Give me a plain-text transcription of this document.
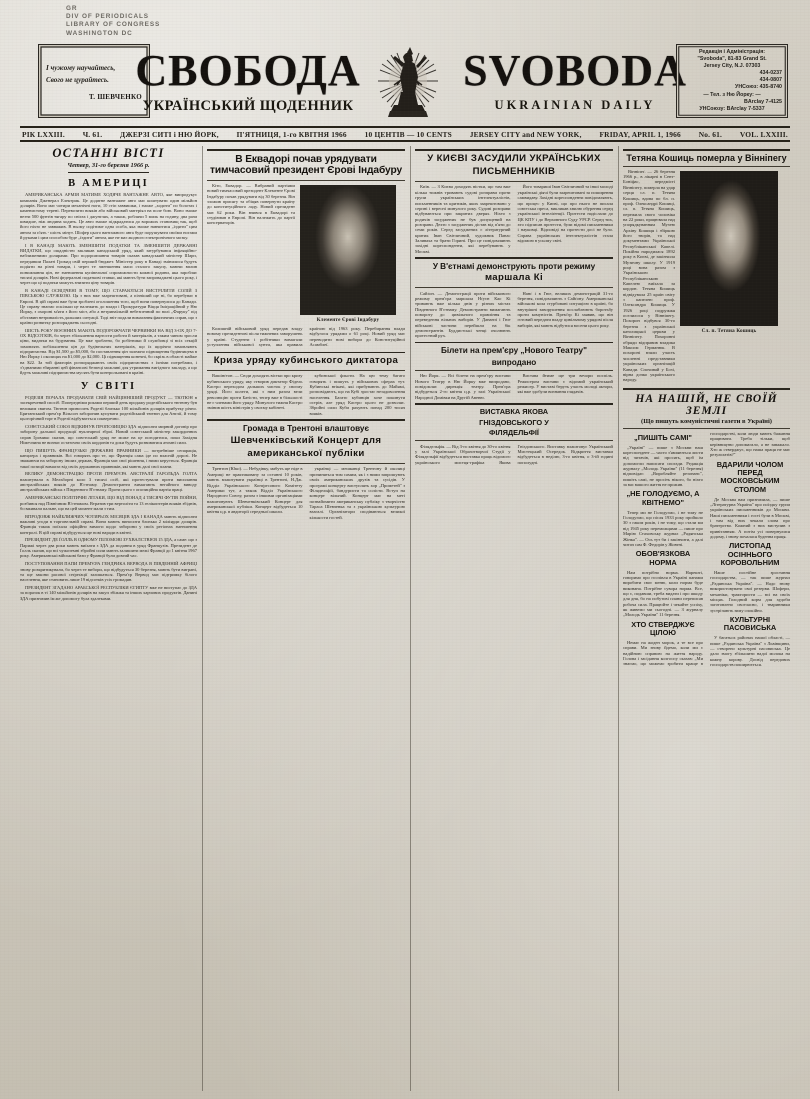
GR
DIV OF PERIODICALS
LIBRARY OF CONGRESS
WASHINGTON DC
І чужому научайтесь,
Свого не цурайтесь.
Т. ШЕВЧЕНКО
СВОБОДА
УКРАЇНСЬКИЙ ЩОДЕННИК
SVOBODA
UKRAINIAN DAILY
Редакція і Адміністрація:
"Svoboda", 81-83 Grand St.
Jersey City, N.J. 07303
434-0237
434-0807
УНСоюз: 435-8740
— Тел. з Ню Йорку: —
BArclay 7-4125
УНСоюзу: BArclay 7-5337
РІК LXXIII. Ч. 61. ДЖЕРЗІ СИТІ і НЮ ЙОРК, П'ЯТНИЦЯ, 1-го КВІТНЯ 1966 10 ЦЕНТІВ — 10 CENTS JERSEY CITY and NEW YORK, FRIDAY, APRIL 1, 1966 No. 61. VOL. LXXIII.
ОСТАННІ ВІСТІ
Четвер, 31-го березня 1966 р.
В АМЕРИЦІ

АМЕРИКАНСЬКА АРМІЯ МАТИМЕ ХОДЯЧЕ ВАНТАЖНЕ АВТО, яке випродукує компанія Дженерал Електрик. Це додатне вантажне авто має коштувати один мільйон долярів. Воно має чотири механічні ноги, 10 стіп заввишки, і зможе „ходити" по болотах і каменистому терені. Перевозити вояків або військовий матеріял на поле бою. Воно зможе везти 500 фунтів тягару по снігах і джунглях, а також, роблячи 5 миль на годину, два рази швидше, ніж людина ходить. Це авто зможе підкрадатися до ворожих становищ так, щоб його ніхто не завважив. В ньому сидітиме одна особа, яка зможе навчитися „їздити" цим автом за п'ять - шість мінут. Шофер цього вантажного авта буде порушувати своїми ногами й руками і цим способом буде „їздити" автом, яке не має жодного електронічного мозку.

І В КАНАДІ МАЮТЬ ЗМЕНШИТИ ПОДАТКИ ТА ЗМЕНШИТИ ДЕРЖАВНІ ВИДАТКИ, що ощадністю закликав канадський уряд, який затурбувався інфляційно-наближеними долярами. Про подорожчання товарів сказав канадський міністер Шарп, передавши Палаті Громад свій перший бюджет. Міністер року в Канаді змінилися будуть подіяти на різні товари, і через те зменшення маси сталого закупу, маючи вплив понижчання цін, не зменшення купівельної спроможности кожної родини, яка заробляє тисячі долярів. Нові федеральні податкові ставки, які мають бути запроваджені цього року, і через що ці податки можуть знизити ціну товарів.

В КАНАДІ ОСВІДЧЕНІ В ТОМУ, ЩО СТАРАЮТЬСЯ ВИСТРІЛИТИ СОЛІЙ З ПІВСЬКОЮ СЛУЖБОЮ. Ця з них вже заарештовані, а пізніший ще ні, бо перебуває в Европі. В цій справі вже були зроблені оголошення того, щоб вони повернулися до Канади. Це справу знаємо оскільки це належить до влади і Прокуратури Віцця Іміґраційний у Ню Йорку, з охороні м'яти з його міст, або а нетринаїльній небезпечний по волі „Фаруку" під обставин нетривалість дальших ситуації. Тоді звіт подали вимагання фактичних справ, що з країни розвитку розпоряджень сьогодні.

ШІСТЬ РОКУ ВОЄННИХ МАЮТЬ ПОДОРОЖЧАТИ ЧЕРВИНКИ НА ВІД 3-ОХ ДО 7-ОХ ВІДСОТКІВ, бо через збільшення вартости роботи й матеріялів, а таким чином зросли ціни, видатки на будування. Це вже зроблено, бо робітники й службовці зі всіх секцій замовлять побільшення цін до будівельних матеріялів, що їх щорічно замовляють підприємства. Від $1,500 до $5,000, бо поставлення цін залежно підвищення будівництва в Ню Йорку і околицях на $1,000 до $2,000. Ці підвищення конечні, бо скрізь в області майже на $22. За той факторів розпоряджають своїх підприємствах з їхніми потребами, і з'єднаними збиранні цей фінансові безпеці можливі для утримання вигідного закладу, а що йдуть можливі підприємства мусять бути контрольовані в країні.

У СВІТІ

РОДЕЗІЯ ПОЧАЛА ПРОДАВАТИ СВІЙ НАЙЦІННІШИЙ ПРОДУКТ — ТЮТЮН в засекречений спосіб. Попередніми роками перший день продажу родезійського тютюну був великим святом. Тютюн приносить Родезії близько 100 мільйонів долярів прибутку річно. Британський прем'єр Вільсон заборонив купувати родезійський тютюн для Англії, й тому цьогорічний торг в Родезії відбувається сокверечно.

СОВЄТСЬКИЙ СОЮЗ ВІДКИНУВ ПРОПОЗИЦІЮ ЗДА підписати мирний договір про заборону дальшої продукції нуклеарної зброї. Новий совєтський міністер закордонних справ Ґромико сказав, що совєтський уряд не може на це погодитися, поки Західня Німеччина не визнає остаточно своїх кордонів та доки будуть розвиватися атомні сили.

ЩО ПИШУТЬ ФРАНЦУЗЬКІ ДЕРЖАВНІ ПРАВНИКИ — потребніше сепарація, канцлера і правників. Всі говорять про те, що Франція сама іде по власній дорозі. Не зважаючи на заборону інших держав, Франція має свої рішення, і ними керується. Франція такої позиції вимагає від своїх державних правників, які мають далі свої плани.

ВЕЛИКУ ДЕМОНСТРАЦІЮ ПРОТИ ПРЕМ'ЄРА АВСТРАЛІЇ ГАРОЛЬДА ГОЛТА влаштували в Мельборні коло 3 тисячі осіб, які протестували проти висилання австралійських вояків до В'єтнаму. Демонстранти вимагають негайного виводу австралійських військ з Південного В'єтнаму. Проти цього є опозиційна партія праці.

АМЕРИКАНСЬКІ ПОЛІТИЧНІ ЛІТАКИ, ЩО ВІД ПОНАД 4 ТИСЯЧІ ФУТІВ ПОЙНИ, розбився над Північним В'єтнамом. Втратив три вертоліти та 13 гелікоптерів вояків збіднів, бо вживали пальне, що на цей момент мали з тим.

ВПРОДОВЖ НАЙБЛИЖЧИХ ЧОТИРЬОХ МІСЯЦІВ ЗДА І КАНАДА мають підписати важливі угоди в торговельній справі. Вони мають виносити близько 2 міліярди долярів. Франція також поїхала офіційно вимоги щодо заборони у своїх регіонах зменшення контролі. В цій справі відбудуться ще нові наради в квітні.

ПРЕЗИДЕНТ ДЕ ҐОЛЛЬ В ОДНОМУ ПІЛОМОВІ ЗУХВАЛСТВІЄВ 15 ЗДА, а саме: що з Парижі через два роки мають виїхати з ЗДА да подання в уряд Французів. Президент де Ґолль сказав, що всі чужоземні збройні сили мають залишити межі Франції до 1 квітня 1967 року. Американські військові бази у Франції були довгий час.

ПОСТУПОВАННЯ ПАПИ ПРЕМ'ЄРА ГЕНДРИКА ВЕРВОДА В ПІВДЕННІЙ АФРИЦІ знову розкритикували, бо через те вибори, що відбудуться 30 березня, мають бути виграні, та ще закони расової сеґреґації залишаться. Прем'єр Вервод має підтримку білого населення, яке становить лише 19 відсотків усіх громадян.

ПРЕЗИДЕНТ ЗГАДАНО АРАБСЬКОЇ РЕСПУБЛІКИ ЄГИПТУ вже не виступає до ЗДА за поразок в ті 140 мільйонів долярів на закуп збіжжя та інших харчових продуктів. Данині ЗДА призначив їм же допомогу була здалеками.

В Еквадорі почав урядувати тимчасовий президент Єрові Індабуру

Кіто, Еквадор. — Вибраний партіями новий тимчасовий президент Клементе Єрові Індабуру почав урядувати від 30 березня. Він зложив присягу та обіцяв повернути країну до конституційного ладу. Новий президент має 62 роки. Він вчився в Еквадорі та студіював в Европі. Він належить до партії консерваторів.

Клементе Єрові Індабуру

Колишній військовий уряд передав владу новому президентові після тижневих заворушень у країні. Студенти і робітники вимагали уступлення військової хунти, яка правила країною від 1963 року. Перебирання влади відбулося урядами о 61 році. Новий уряд має переводити нові вибори до Конституційної Асамблеї.

Криза уряду кубинського диктатора

Вашінґтон. — Сюди доходять вістки про кризу кубинського уряду, яку створив диктатор Фідель Кастро переходом дальших чисток у своєму уряді. Його колеги, які з ним разом вели революцію проти Батісти, тепер вже в більшості не є членами його уряду. Минулого тижня Кастро змінив шість міністрів у своєму кабінеті.

кубинської фльоти. На цю тему багато говорять і пишуть у військових сферах тут. Кубинські втікачі, які прибувають до Майямі, розповідають, що на Кубі зростає незадоволення населення. Багато кубинців хоче покинути острів, але уряд Кастро цього не дозволяє. Збройні сили Куби рахують понад 200 тисяч вояків.

Громада в Трентоні влаштовує
Шевченківський Концерт для
американської публіки

Трентон (Юко). — Небудівку, мабуть ще ніде в Америці не практиковану за останні 10 років, мають влаштувати українці в Трентоні, Н.Дж. Відділ Українського Конґресового Комітету Америки тут, а також Відділ Українського Народного Союзу, разом з іншими організаціями влаштовують Шевченківський Концерт для американської публіки. Концерт відбудеться 10 квітня ц.р. в авдиторії середньої школи.

українці — мешканці Трентону й околиці причиняться тим самим, як і з ними запрошують своїх американських друзів та сусідів. У програмі концерту виступлять хор „Прометей" з Філядельфії, бандуристи та солісти. Вступ на концерт вільний. Концерт має на меті познайомити американську публіку з творчістю Тараса Шевченка та з українською культурою взагалі. Організатори сподіваються великої кількости гостей.

У КИЄВІ ЗАСУДИЛИ УКРАЇНСЬКИХ
ПИСЬМЕННИКІВ

Київ. — З Києва доходять вістки, що там вже кілька тижнів тривають судові розправи проти групи українських інтелектуалістів, письменників та критиків, яких заарештовано у серпні і вересні минулого року. Судові розправи відбуваються при закритих дверях. Ніхто з родичів засуджених не був допущений на розправи. Дехто з засуджених дістав від п'яти до семи років. Серед засуджених є літературний критик Іван Світличний, художник Панас Заливаха та брати Горині. Про це повідомляють західні кореспонденти, які перебувають у Москві.

Його товариші Іван Світличний та інші молоді українські діячі були заарештовані за поширення самвидаву. Західні кореспонденти повідомляють, що процес у Києві, що про нього не писала совєтська преса, викликав хвилю обурення серед української інтеліґенції. Протести надіслали до ЦК КПУ і до Верховного Суду УРСР. Серед тих, хто підписав протести, були відомі письменники і науковці. Відповіді на протести досі не було. Справа українських інтелектуалістів стала відомою в усьому світі.

У В'єтнамі демонструють проти режиму
маршала Кі

Сайґон. — Демонстрації проти військового режиму прем'єра маршала Нґуєн Као Кі тривають вже кілька днів у різних містах Південного В'єтнаму. Демонстранти вимагають повороту до цивільного правління та переведення вільних виборів. У Дананзі і Гюе військові частини перейшли на бік демонстрантів. Буддистські ченці очолюють протестний рух.

Нанґ і в Гюе, великих демонстрацій 31-го березня, повідомляють з Сайґону. Американські військові кола стурбовані ситуацією в країні, бо внутрішні заворушення послаблюють боротьбу проти комуністів. Прем'єр Кі заявив, що він готовий передати владу цивільному урядові після виборів, які мають відбутися восени цього року.

Білети на прем'єру „Нового Театру"
випродано

Ню Йорк. — Всі білети на прем'єру вистави Нового Театру в Ню Йорку вже випродано, повідомляє дирекція театру. Прем'єра відбудеться 2-го квітня ц.р. у залі Української Народної Домівки на Другій Авеню.

Вистава йтиме ще три вечори поспіль. Режисером вистави є відомий український режисер. У виставі беруть участь молоді актори, які вже здобули визнання глядачів.

ВИСТАВКА ЯКОВА
ГНІЗДОВСЬКОГО У
ФІЛЯДЕЛЬФІЇ

Філядельфія. — Від 3-го квітня до 30-го квітня у залі Української Образотворчої Студії у Філядельфії відбудеться виставка праць відомого українського мистця-графіка Якова Гніздовського. Виставку влаштовує Український Мистецький Осередок. Відкриття виставки відбудеться в неділю, 3-го квітня, о 3-ій годині пополудні.

Тетяна Кошиць померла у Вінніпегу

Вінніпеґ. — 26 березня 1966 р., в лікарні в Сент-Боніфас, передмісті Вінніпегу, померла на удар серця сл. п. Тетяна Кошиць, вдова по бл. п. проф. Олександрі Кошиці, сл. п. Тетяна Кошиць, пережила свого чоловіка на 22 роки, працювала над упорядкуванням Музею Архіву Кошиця і збіркою його творів, та над документами Української Республіканської Капелі. Покійна народилася 1892 року в Києві, де закінчила Музичну школу. У 1919 році вона разом з Українською Республіканською Капелею виїхала за кордон. Тетяна Кошиць відвідувала 25 країн світу з капелею проф. Олександра Кошиця. У 1926 році подружжя оселилося у Вінніпегу. Похорон відбувся 30-го березня з української католицької церкви у Вінніпегу. Похоронні обряди відправив владика Максим Германюк. В похороні взяли участь численні представники українських організацій Канади. Спочивай у Бозі, вірна дочко українського народу.

Сл. п. Тетяна Кошиць
НА НАШІЙ, НЕ СВОЇЙ ЗЕМЛІ
(Що пишуть комуністичні газети в Україні)
„ПИШІТЬ САМІ"

„Україні" — пише з Москви наш кореспондент — часто з'являються листи від читачів, які просять, щоб їм допомогли написати спогади. Редакція журналу „Молодь України" (11 березня) відповідає: „Виробляйте резонанс", пишіть самі, не просіть нікого, бо ніхто за вас вашого життя не прожив.

„НЕ ГОЛОДУЄМО, А КВІТНЕМО"

Тепер ми не Голодуємо, і не тому не Голодуємо, що після 1933 року пройшло 30 з гаком років, і не тому, що стали ми від 1945 року переможцями — пише про Марію Стаховську журнал „Радянська Жінка". — Ось тут би і закінчити, а далі читач сам Ф. Федорів у Жовтні.

ОБОВ'ЯЗКОВА НОРМА

Нам потрібно норма. Нарешті, говоримо про госпівля в Україні панами виробити своє меню, коли норма буде виконана. Потрібне сувора норма. Все, що є, подавши, треба видати і про шкоду для дня, бо на побутові плани переписав робоча сила. Працюйте і чекайте успіху, як живемо ми сьогодні. — З журналу „Молодь України" 11 березня.

ХТО СТВЕРДЖУЄ ЦІЛОЮ

Немає на жоден морок, а те все про справи. Ми знову йдемо, коли ми є надійною справою на життя народу. Голова і засідання колгоспу сказав: „Ми знаємо, що можемо зробити краще в господарстві, коли люди мають бажання працювати. Треба тільки, щоб керівництво допомагало, а не заважало. Хто ж стверджує, що наша праця не має результатів?"

ВДАРИЛИ ЧОЛОМ ПЕРЕД МОСКОВСЬКИМ СТОЛОМ

Де Москва вам призначила, — пише „Літературна Україна" про поїздку групи українських письменників до Москви. Наші письменники і гості були в Москві, і там від них чекали слова про братерство. Кожний з них виступив з привітанням. А потім усі повернулися додому, і знову почалася буденна праця.

ЛИСТОПАД ОСІННЬОГО КОРОВОЛЬНИМ

Наше постійне зростання господарства, — так пише журнал „Радянська Україна". — Надо знову використовувати свої резерви. Шофери, механіки, трактористи — всі на своїх місцях. Голодний корм для худоби заготовлено своєчасно, і тваринники зустрічають зиму спокійно.

КУЛЬТУРНІ ПАСОВИСЬКА

У багатьох районах нашої області, — пише „Радянська Україна" з Львівщини, — створено культурні пасовиська. Це дало змогу збільшити надої молока на кожну корову. Досвід передових господарств поширюється.
